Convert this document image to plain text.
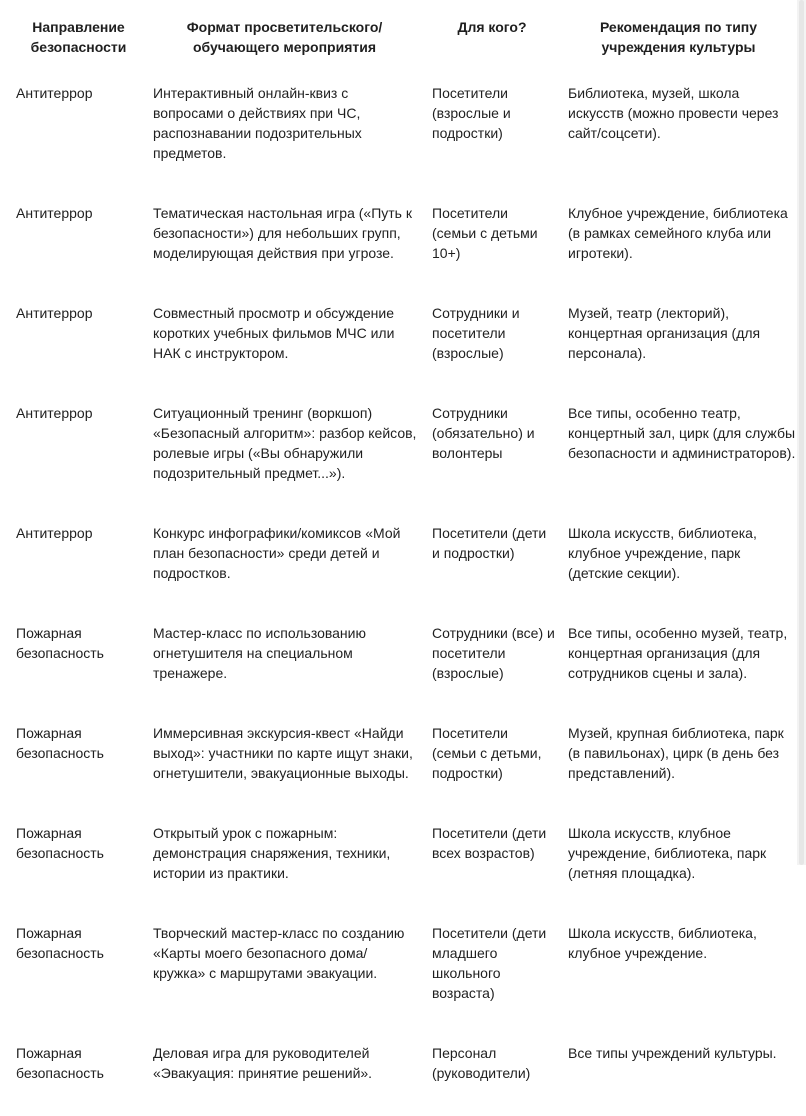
Направление безопасности	Формат просветительского/ обучающего мероприятия	Для кого?	Рекомендация по типу учреждения культуры
Антитеррор	Интерактивный онлайн-квиз с вопросами о действиях при ЧС, распознавании подозрительных предметов.	Посетители (взрослые и подростки)	Библиотека, музей, школа искусств (можно провести через сайт/соцсети).
Антитеррор	Тематическая настольная игра («Путь к безопасности») для небольших групп, моделирующая действия при угрозе.	Посетители (семьи с детьми 10+)	Клубное учреждение, библиотека (в рамках семейного клуба или игротеки).
Антитеррор	Совместный просмотр и обсуждение коротких учебных фильмов МЧС или НАК с инструктором.	Сотрудники и посетители (взрослые)	Музей, театр (лекторий), концертная организация (для персонала).
Антитеррор	Ситуационный тренинг (воркшоп) «Безопасный алгоритм»: разбор кейсов, ролевые игры («Вы обнаружили подозрительный предмет...»).	Сотрудники (обязательно) и волонтеры	Все типы, особенно театр, концертный зал, цирк (для службы безопасности и администраторов).
Антитеррор	Конкурс инфографики/комиксов «Мой план безопасности» среди детей и подростков.	Посетители (дети и подростки)	Школа искусств, библиотека, клубное учреждение, парк (детские секции).
Пожарная безопасность	Мастер-класс по использованию огнетушителя на специальном тренажере.	Сотрудники (все) и посетители (взрослые)	Все типы, особенно музей, театр, концертная организация (для сотрудников сцены и зала).
Пожарная безопасность	Иммерсивная экскурсия-квест «Найди выход»: участники по карте ищут знаки, огнетушители, эвакуационные выходы.	Посетители (семьи с детьми, подростки)	Музей, крупная библиотека, парк (в павильонах), цирк (в день без представлений).
Пожарная безопасность	Открытый урок с пожарным: демонстрация снаряжения, техники, истории из практики.	Посетители (дети всех возрастов)	Школа искусств, клубное учреждение, библиотека, парк (летняя площадка).
Пожарная безопасность	Творческий мастер-класс по созданию «Карты моего безопасного дома/ кружка» с маршрутами эвакуации.	Посетители (дети младшего школьного возраста)	Школа искусств, библиотека, клубное учреждение.
Пожарная безопасность	Деловая игра для руководителей «Эвакуация: принятие решений».	Персонал (руководители)	Все типы учреждений культуры.
